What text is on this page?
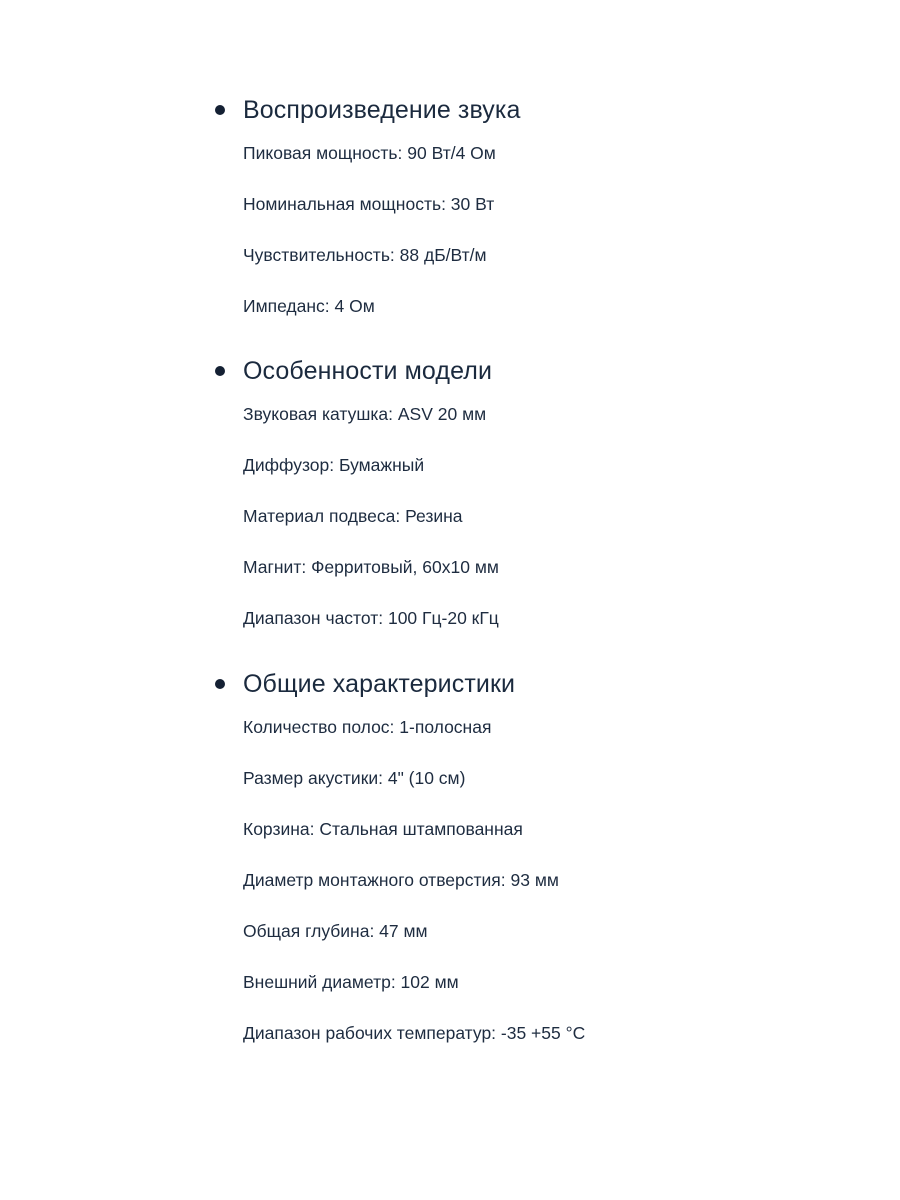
Воспроизведение звука
Пиковая мощность: 90 Вт/4 Ом
Номинальная мощность: 30 Вт
Чувствительность: 88 дБ/Вт/м
Импеданс: 4 Ом
Особенности модели
Звуковая катушка: ASV 20 мм
Диффузор: Бумажный
Материал подвеса: Резина
Магнит: Ферритовый, 60x10 мм
Диапазон частот: 100 Гц-20 кГц
Общие характеристики
Количество полос: 1-полосная
Размер акустики: 4" (10 см)
Корзина: Стальная штампованная
Диаметр монтажного отверстия: 93 мм
Общая глубина: 47 мм
Внешний диаметр: 102 мм
Диапазон рабочих температур: -35 +55 °C
